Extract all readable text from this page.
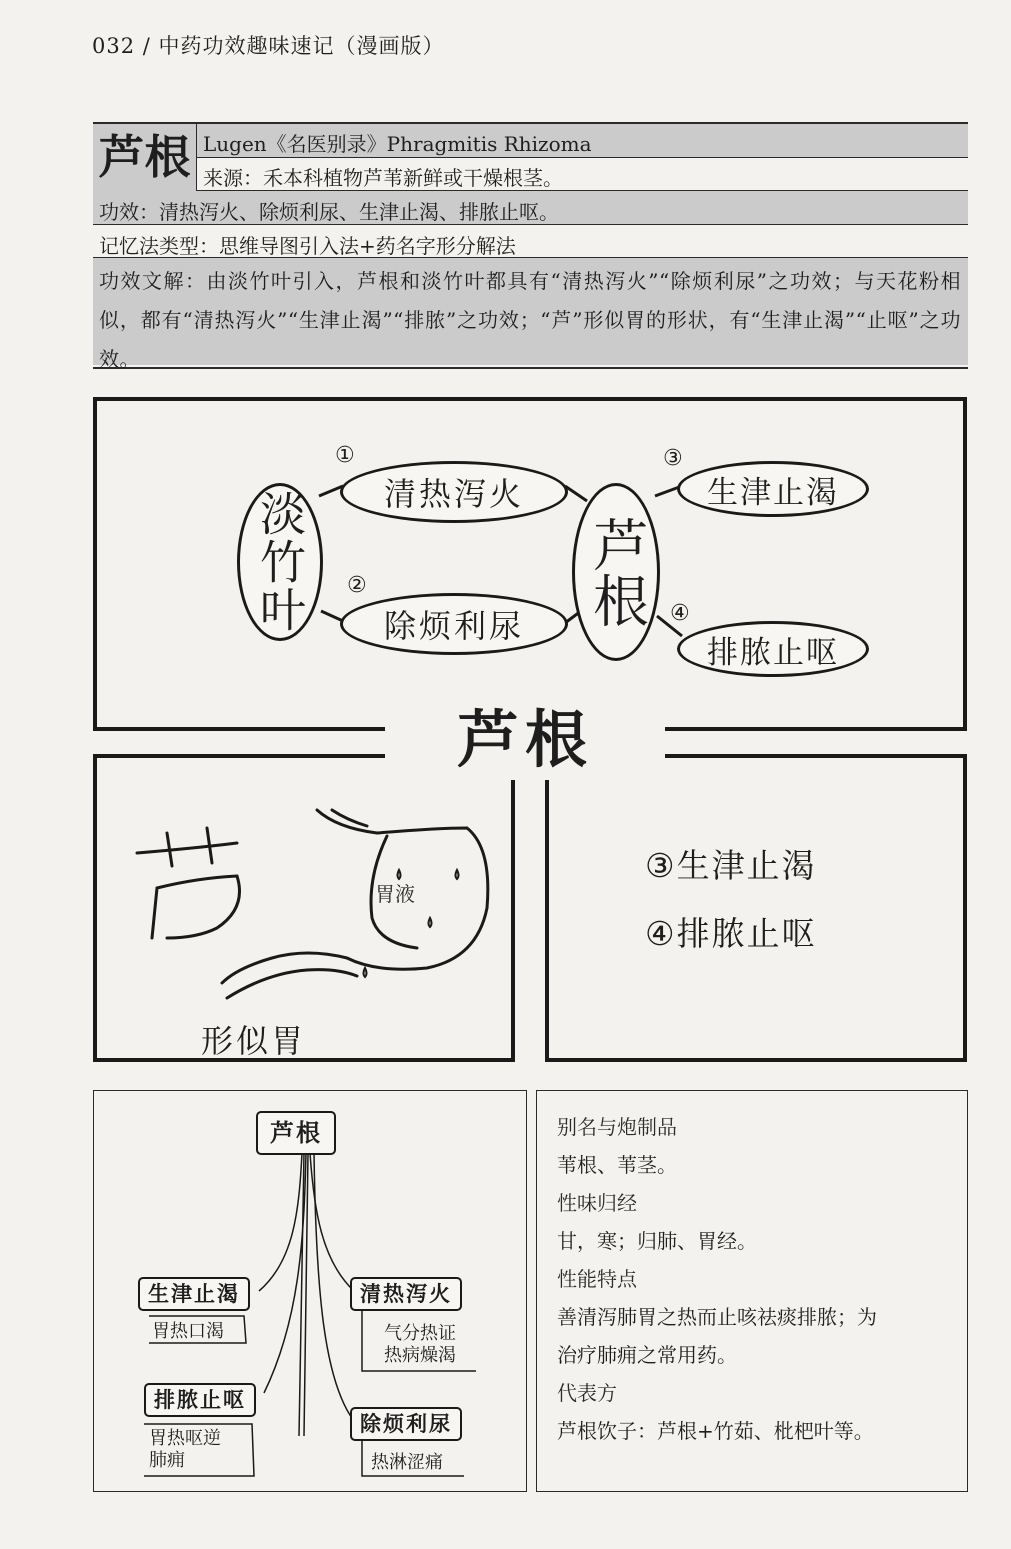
032 / 中药功效趣味速记（漫画版）
芦根 Lugen《名医别录》Phragmitis Rhizoma
来源：禾本科植物芦苇新鲜或干燥根茎。
功效：清热泻火、除烦利尿、生津止渴、排脓止呕。
记忆法类型：思维导图引入法+药名字形分解法
功效文解：由淡竹叶引入，芦根和淡竹叶都具有“清热泻火”“除烦利尿”之功效；与天花粉相似，都有“清热泻火”“生津止渴”“排脓”之功效；“芦”形似胃的形状，有“生津止渴”“止呕”之功效。
淡竹叶	芦根
①
清热泻火
②
除烦利尿
③
生津止渴
④
排脓止呕
胃液
形似胃
③生津止渴
④排脓止呕
芦根
芦根
生津止渴
胃热口渴
排脓止呕
胃热呕逆
肺痈
清热泻火
气分热证
热病燥渴
除烦利尿
热淋涩痛

别名与炮制品

苇根、苇茎。

性味归经

甘，寒；归肺、胃经。

性能特点

善清泻肺胃之热而止咳祛痰排脓；为

治疗肺痈之常用药。

代表方

芦根饮子：芦根+竹茹、枇杷叶等。
